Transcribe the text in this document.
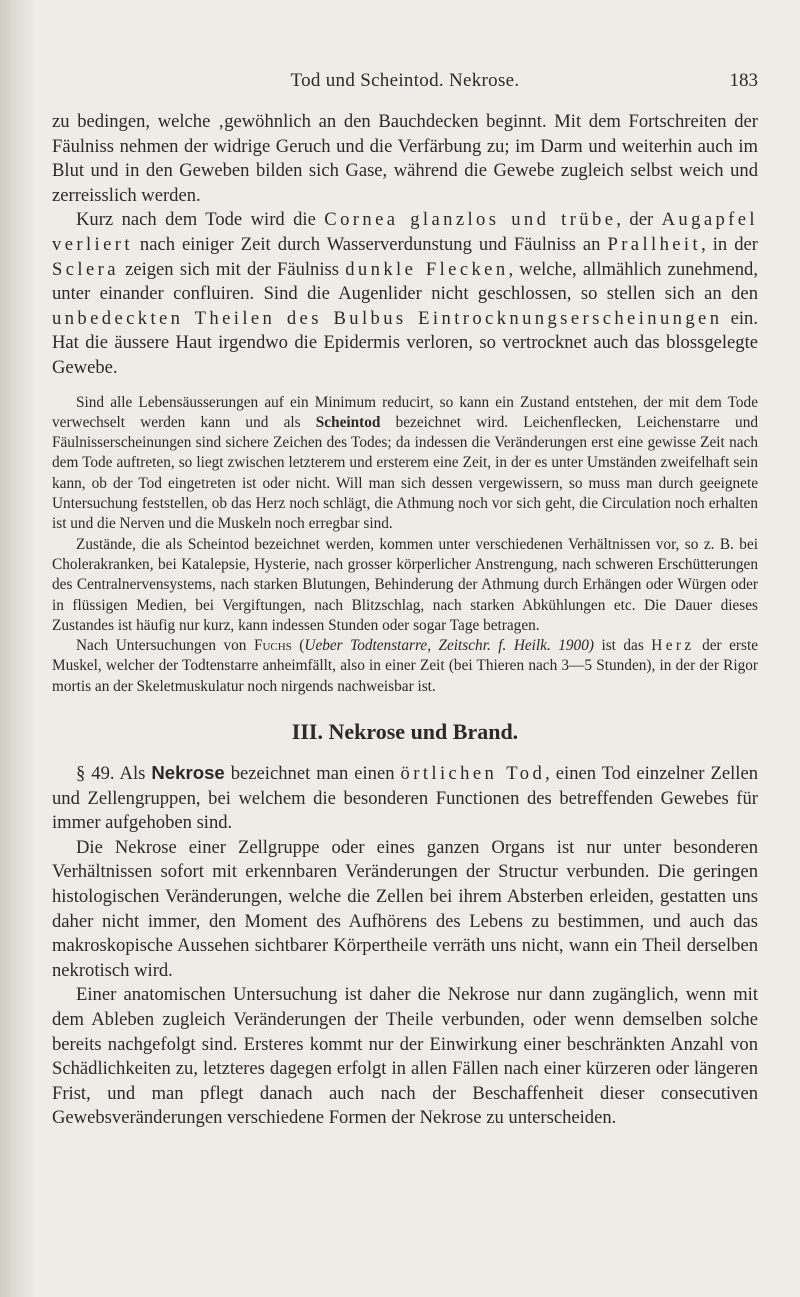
Tod und Scheintod. Nekrose.	183

zu bedingen, welche ‚gewöhnlich an den Bauchdecken beginnt. Mit dem Fortschreiten der Fäulniss nehmen der widrige Geruch und die Verfärbung zu; im Darm und weiterhin auch im Blut und in den Geweben bilden sich Gase, während die Gewebe zugleich selbst weich und zerreisslich werden.

Kurz nach dem Tode wird die Cornea glanzlos und trübe, der Augapfel verliert nach einiger Zeit durch Wasserverdunstung und Fäulniss an Prallheit, in der Sclera zeigen sich mit der Fäulniss dunkle Flecken, welche, allmählich zunehmend, unter einander confluiren. Sind die Augenlider nicht geschlossen, so stellen sich an den unbedeckten Theilen des Bulbus Eintrocknungserscheinungen ein. Hat die äussere Haut irgendwo die Epidermis verloren, so vertrocknet auch das blossgelegte Gewebe.

Sind alle Lebensäusserungen auf ein Minimum reducirt, so kann ein Zustand entstehen, der mit dem Tode verwechselt werden kann und als Scheintod bezeichnet wird. Leichenflecken, Leichenstarre und Fäulnisserscheinungen sind sichere Zeichen des Todes; da indessen die Veränderungen erst eine gewisse Zeit nach dem Tode auftreten, so liegt zwischen letzterem und ersterem eine Zeit, in der es unter Umständen zweifelhaft sein kann, ob der Tod eingetreten ist oder nicht. Will man sich dessen vergewissern, so muss man durch geeignete Untersuchung feststellen, ob das Herz noch schlägt, die Athmung noch vor sich geht, die Circulation noch erhalten ist und die Nerven und die Muskeln noch erregbar sind.

Zustände, die als Scheintod bezeichnet werden, kommen unter verschiedenen Verhältnissen vor, so z. B. bei Cholerakranken, bei Katalepsie, Hysterie, nach grosser körperlicher Anstrengung, nach schweren Erschütterungen des Centralnervensystems, nach starken Blutungen, Behinderung der Athmung durch Erhängen oder Würgen oder in flüssigen Medien, bei Vergiftungen, nach Blitzschlag, nach starken Abkühlungen etc. Die Dauer dieses Zustandes ist häufig nur kurz, kann indessen Stunden oder sogar Tage betragen.

Nach Untersuchungen von Fuchs (Ueber Todtenstarre, Zeitschr. f. Heilk. 1900) ist das Herz der erste Muskel, welcher der Todtenstarre anheimfällt, also in einer Zeit (bei Thieren nach 3—5 Stunden), in der der Rigor mortis an der Skeletmuskulatur noch nirgends nachweisbar ist.

III. Nekrose und Brand.

§ 49. Als Nekrose bezeichnet man einen örtlichen Tod, einen Tod einzelner Zellen und Zellengruppen, bei welchem die besonderen Functionen des betreffenden Gewebes für immer aufgehoben sind.

Die Nekrose einer Zellgruppe oder eines ganzen Organs ist nur unter besonderen Verhältnissen sofort mit erkennbaren Veränderungen der Structur verbunden. Die geringen histologischen Veränderungen, welche die Zellen bei ihrem Absterben erleiden, gestatten uns daher nicht immer, den Moment des Aufhörens des Lebens zu bestimmen, und auch das makroskopische Aussehen sichtbarer Körpertheile verräth uns nicht, wann ein Theil derselben nekrotisch wird.

Einer anatomischen Untersuchung ist daher die Nekrose nur dann zugänglich, wenn mit dem Ableben zugleich Veränderungen der Theile verbunden, oder wenn demselben solche bereits nachgefolgt sind. Ersteres kommt nur der Einwirkung einer beschränkten Anzahl von Schädlichkeiten zu, letzteres dagegen erfolgt in allen Fällen nach einer kürzeren oder längeren Frist, und man pflegt danach auch nach der Beschaffenheit dieser consecutiven Gewebsveränderungen verschiedene Formen der Nekrose zu unterscheiden.
